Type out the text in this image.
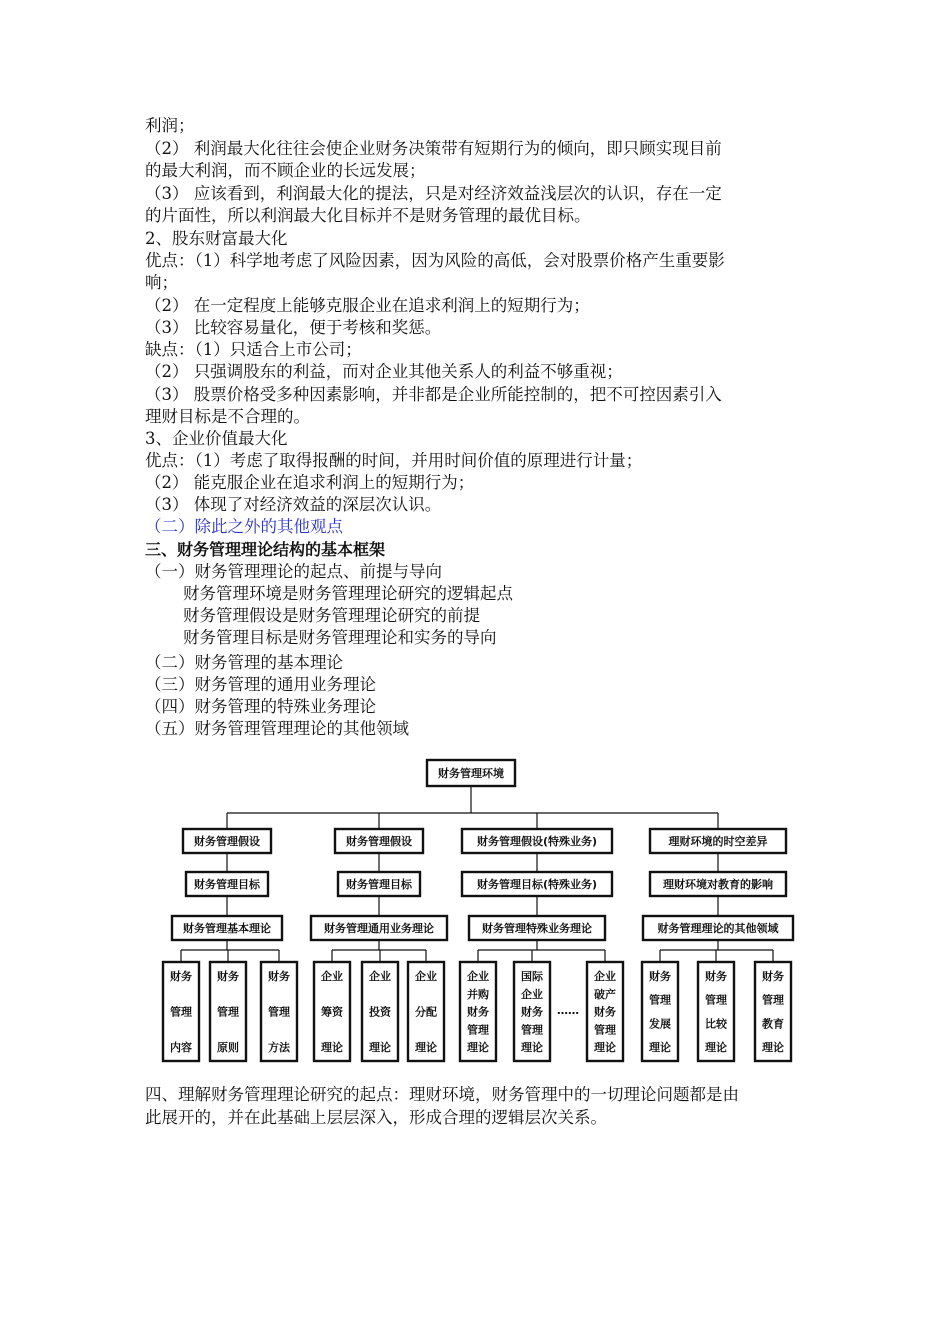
利润；
（2） 利润最大化往往会使企业财务决策带有短期行为的倾向，即只顾实现目前
的最大利润，而不顾企业的长远发展；
（3） 应该看到，利润最大化的提法，只是对经济效益浅层次的认识，存在一定
的片面性，所以利润最大化目标并不是财务管理的最优目标。
2、股东财富最大化
优点：（1）科学地考虑了风险因素，因为风险的高低，会对股票价格产生重要影
响；
（2） 在一定程度上能够克服企业在追求利润上的短期行为；
（3） 比较容易量化，便于考核和奖惩。
缺点：（1）只适合上市公司；
（2） 只强调股东的利益，而对企业其他关系人的利益不够重视；
（3） 股票价格受多种因素影响，并非都是企业所能控制的，把不可控因素引入
理财目标是不合理的。
3、企业价值最大化
优点：（1）考虑了取得报酬的时间，并用时间价值的原理进行计量；
（2） 能克服企业在追求利润上的短期行为；
（3） 体现了对经济效益的深层次认识。
（二）除此之外的其他观点
三、财务管理理论结构的基本框架
（一）财务管理理论的起点、前提与导向
财务管理环境是财务管理理论研究的逻辑起点
财务管理假设是财务管理理论研究的前提
财务管理目标是财务管理理论和实务的导向
（二）财务管理的基本理论
（三）财务管理的通用业务理论
（四）财务管理的特殊业务理论
（五）财务管理管理理论的其他领域
财务管理环境
财务管理假设
财务管理目标
财务管理基本理论
财务
管理
内容
财务
管理
原则
财务
管理
方法
财务管理假设
财务管理目标
财务管理通用业务理论
企业
筹资
理论
企业
投资
理论
企业
分配
理论
财务管理假设(特殊业务)
财务管理目标(特殊业务)
财务管理特殊业务理论
企业
并购
财务
管理
理论
国际
企业
财务
管理
理论
企业
破产
财务
管理
理论
……
理财环境的时空差异
理财环境对教育的影响
财务管理理论的其他领域
财务
管理
发展
理论
财务
管理
比较
理论
财务
管理
教育
理论
四、理解财务管理理论研究的起点：理财环境，财务管理中的一切理论问题都是由
此展开的，并在此基础上层层深入，形成合理的逻辑层次关系。
